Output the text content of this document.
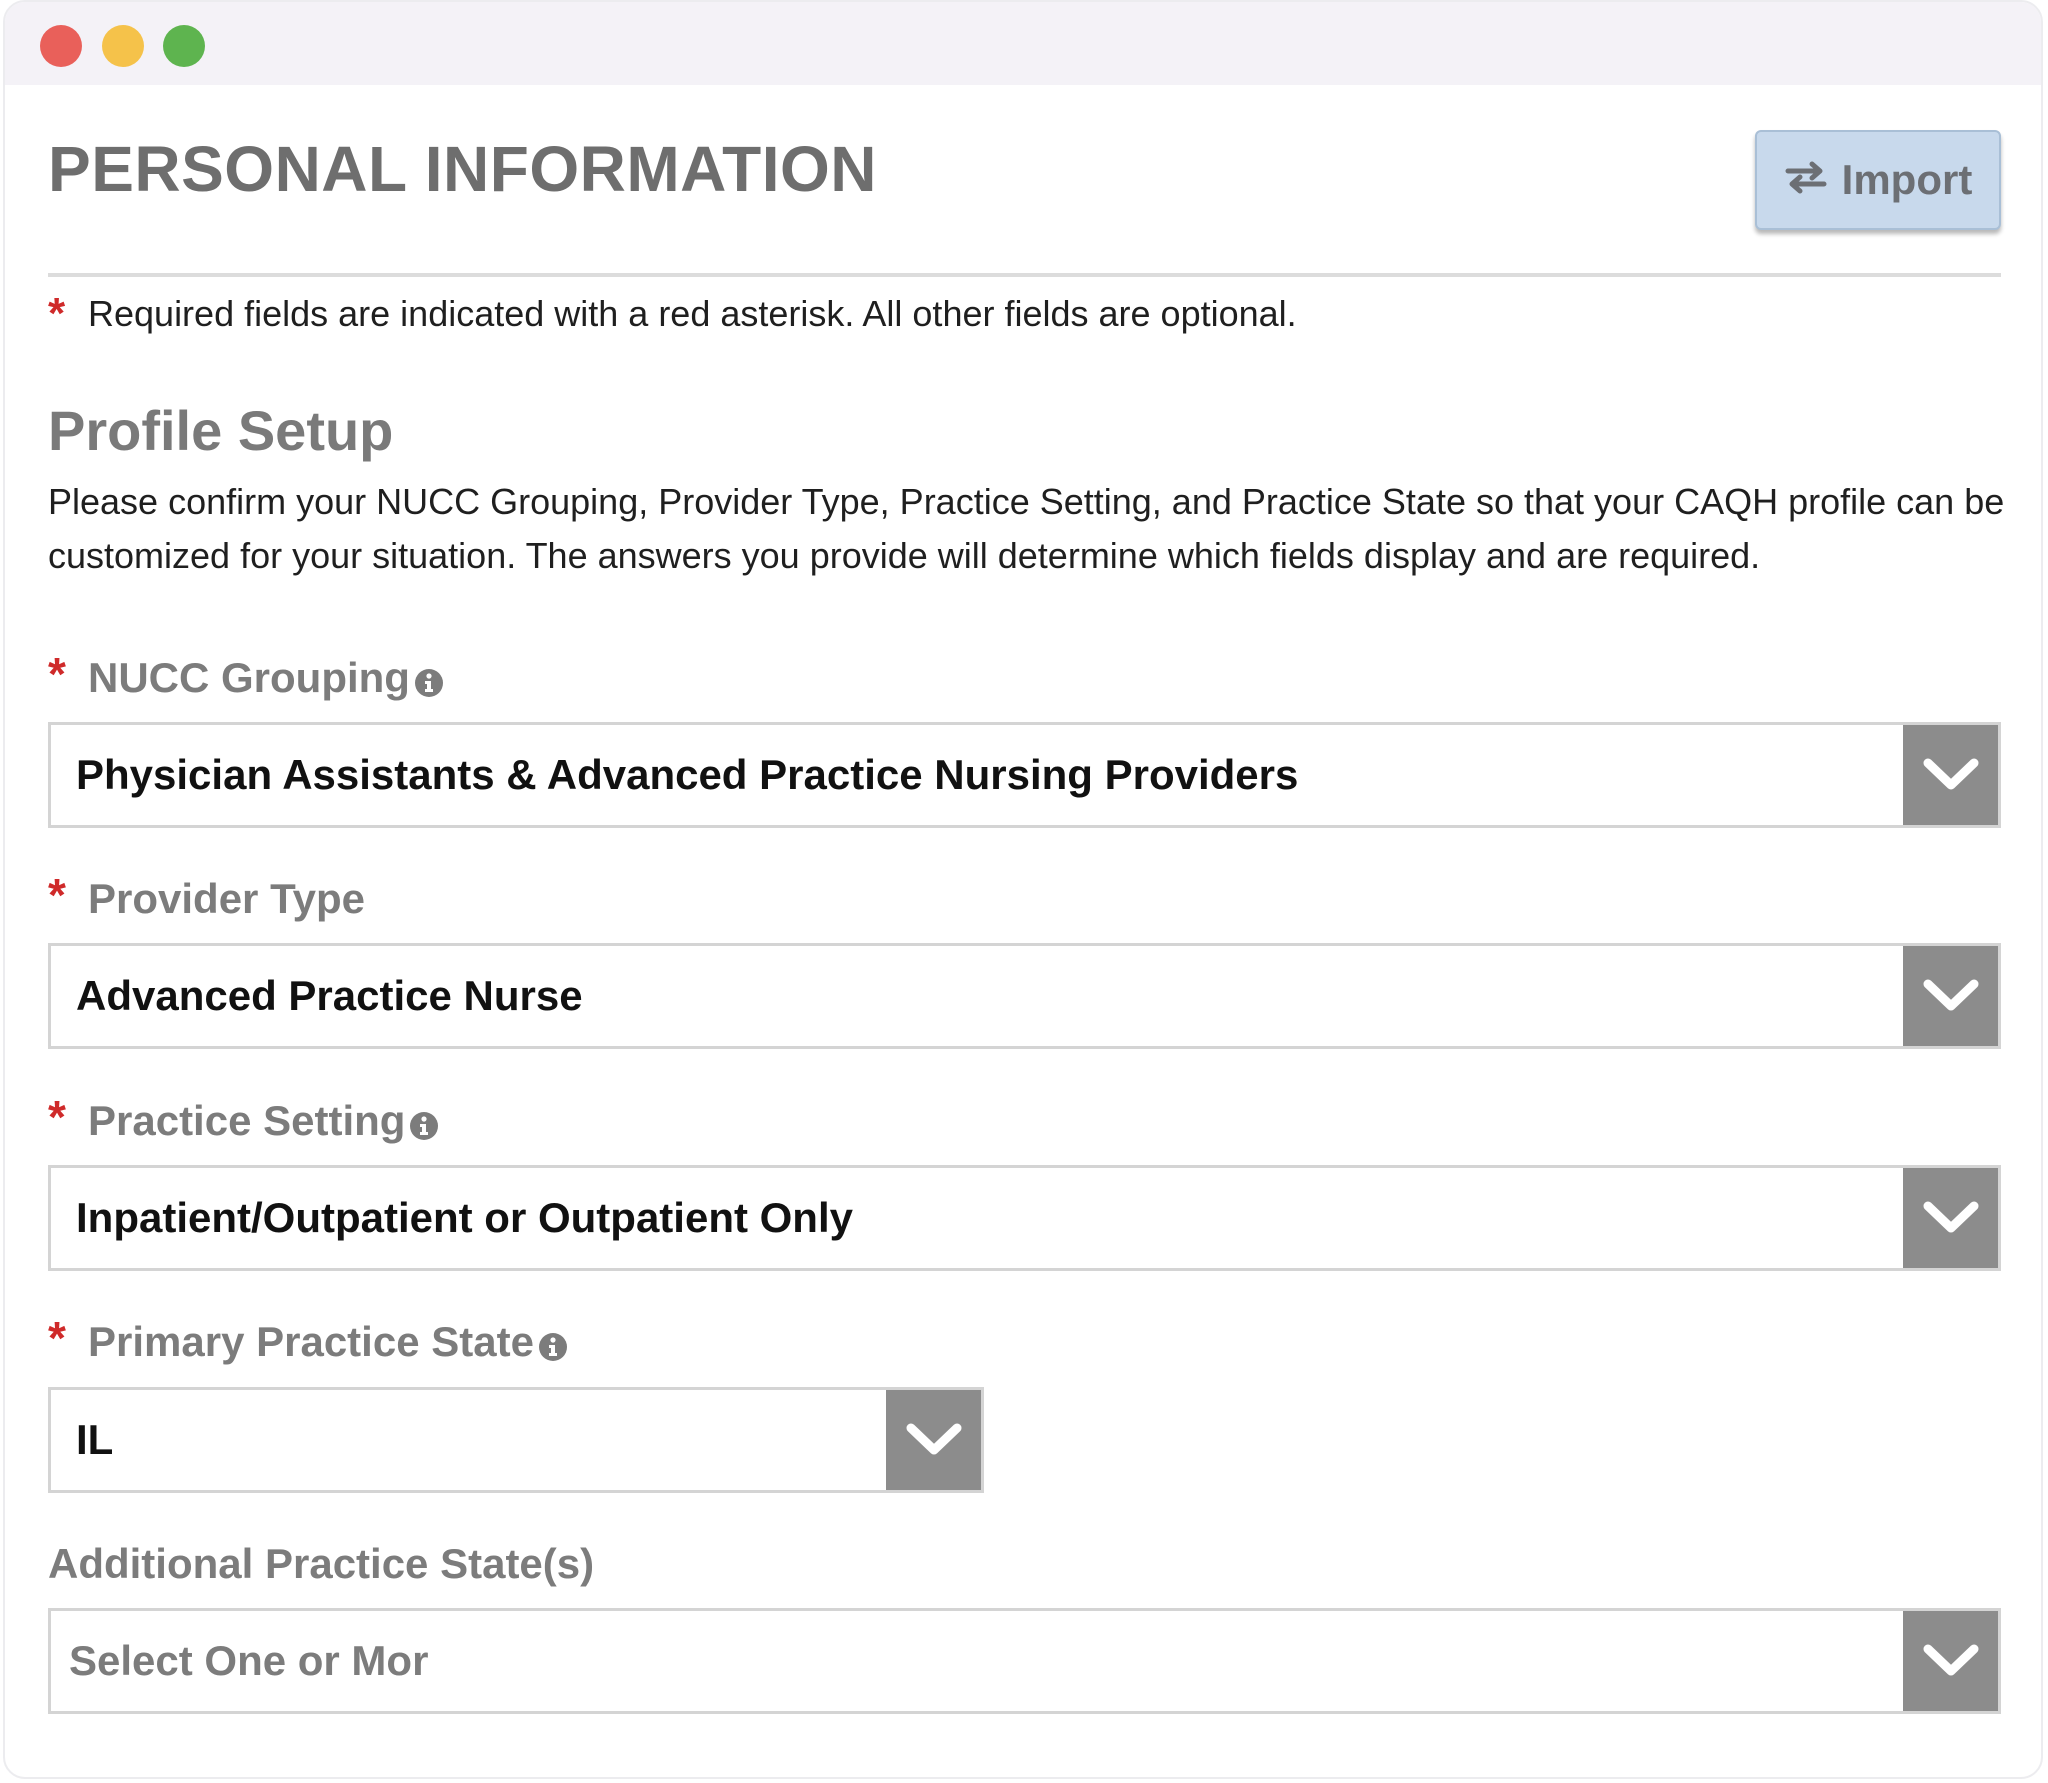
PERSONAL INFORMATION	Import
* Required fields are indicated with a red asterisk. All other fields are optional.
Profile Setup

Please confirm your NUCC Grouping, Provider Type, Practice Setting, and Practice State so that your CAQH profile can be customized for your situation. The answers you provide will determine which fields display and are required.

* NUCC Grouping
Physician Assistants & Advanced Practice Nursing Providers
* Provider Type
Advanced Practice Nurse
* Practice Setting
Inpatient/Outpatient or Outpatient Only
* Primary Practice State
IL
Additional Practice State(s)
Select One or Mor
